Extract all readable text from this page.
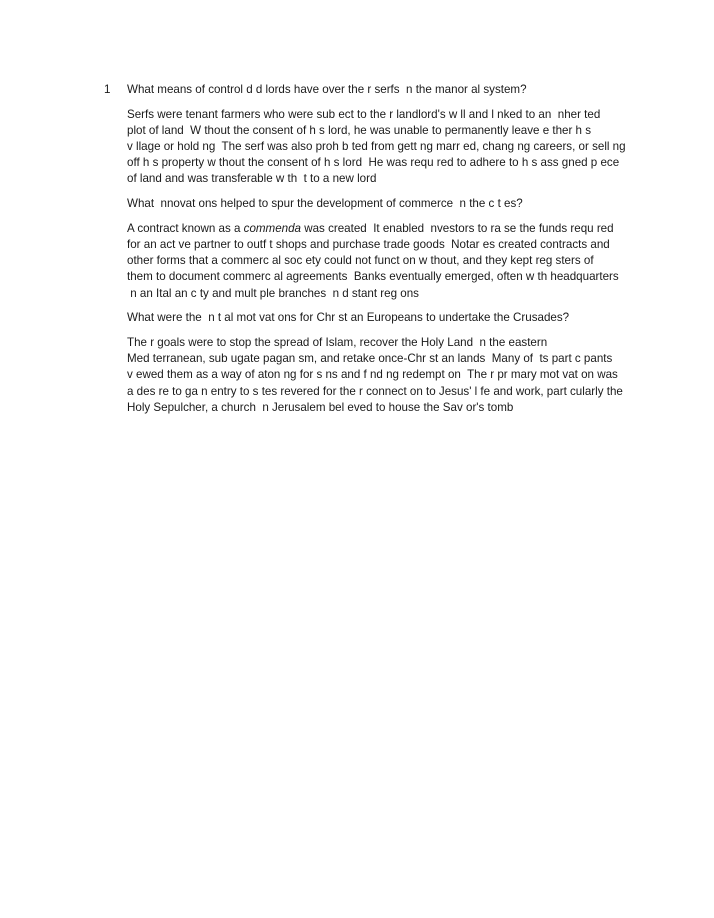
1 What means of control d d lords have over the r serfs  n the manor al system?
Serfs were tenant farmers who were sub ect to the r landlord's w ll and l nked to an  nher ted
plot of land  W thout the consent of h s lord, he was unable to permanently leave e ther h s
v llage or hold ng  The serf was also proh b ted from gett ng marr ed, chang ng careers, or sell ng
off h s property w thout the consent of h s lord  He was requ red to adhere to h s ass gned p ece
of land and was transferable w th  t to a new lord
What  nnovat ons helped to spur the development of commerce  n the c t es?
A contract known as a commenda was created  It enabled  nvestors to ra se the funds requ red
for an act ve partner to outf t shops and purchase trade goods  Notar es created contracts and
other forms that a commerc al soc ety could not funct on w thout, and they kept reg sters of
them to document commerc al agreements  Banks eventually emerged, often w th headquarters
n an Ital an c ty and mult ple branches  n d stant reg ons
What were the  n t al mot vat ons for Chr st an Europeans to undertake the Crusades?
The r goals were to stop the spread of Islam, recover the Holy Land  n the eastern
Med terranean, sub ugate pagan sm, and retake once-Chr st an lands  Many of  ts part c pants
v ewed them as a way of aton ng for s ns and f nd ng redempt on  The r pr mary mot vat on was
a des re to ga n entry to s tes revered for the r connect on to Jesus' l fe and work, part cularly the
Holy Sepulcher, a church  n Jerusalem bel eved to house the Sav or's tomb
